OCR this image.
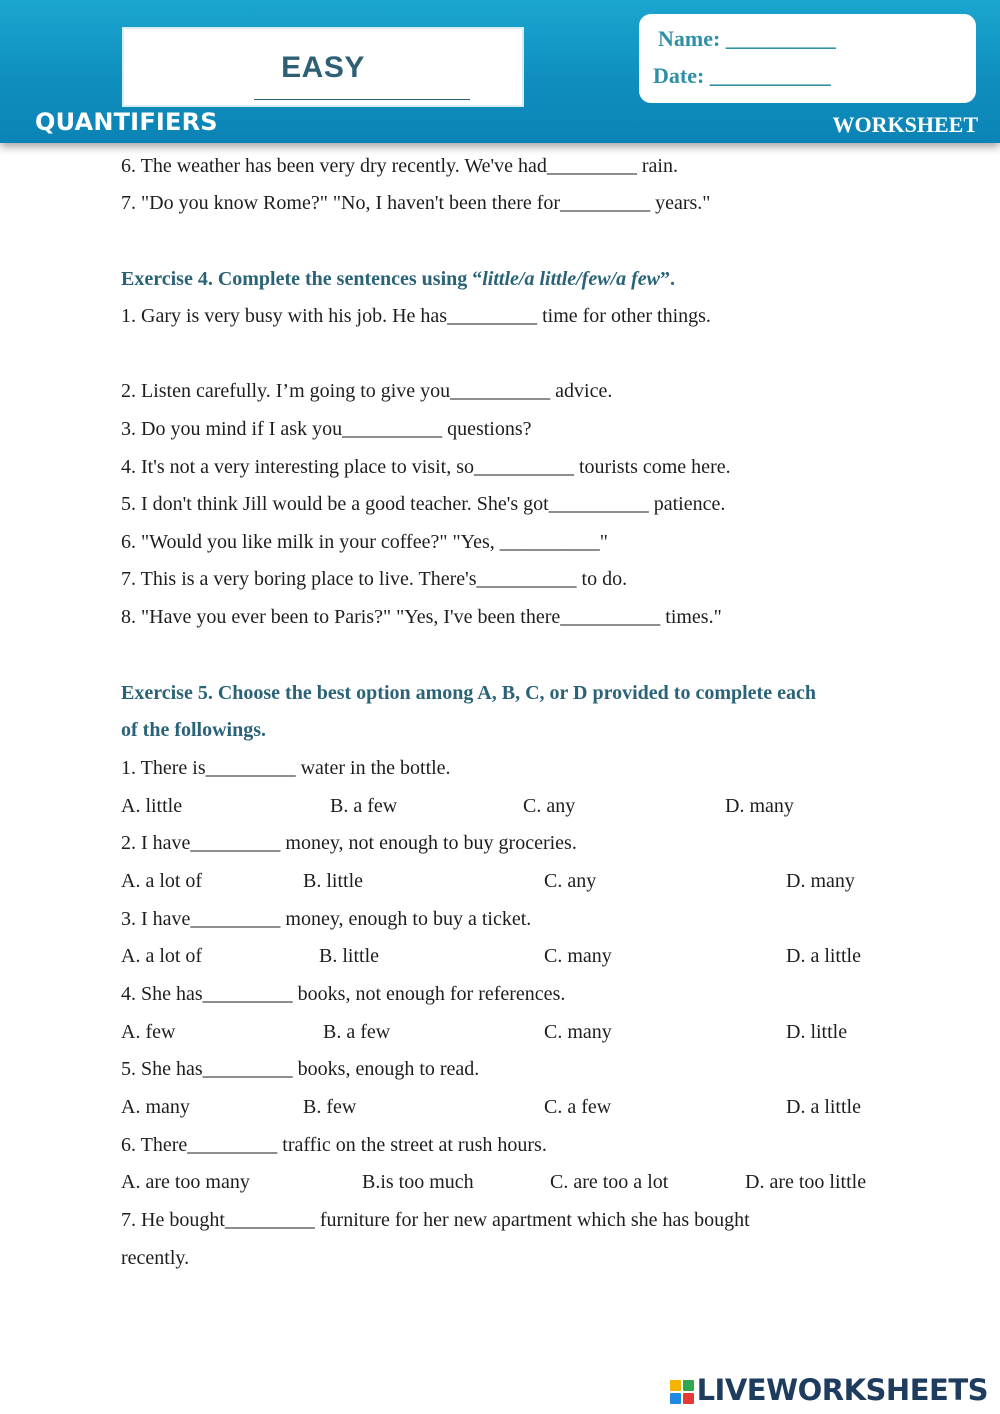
EASY
Name: __________
Date: ___________
QUANTIFIERS	WORKSHEET
6. The weather has been very dry recently. We've had_________ rain.
7. "Do you know Rome?" "No, I haven't been there for_________ years."
Exercise 4. Complete the sentences using “little/a little/few/a few”.
1. Gary is very busy with his job. He has_________ time for other things.
2. Listen carefully. I’m going to give you__________ advice.
3. Do you mind if I ask you__________ questions?
4. It's not a very interesting place to visit, so__________ tourists come here.
5. I don't think Jill would be a good teacher. She's got__________ patience.
6. "Would you like milk in your coffee?" "Yes, __________"
7. This is a very boring place to live. There's__________ to do.
8. "Have you ever been to Paris?" "Yes, I've been there__________ times."
Exercise 5. Choose the best option among A, B, C, or D provided to complete each
of the followings.
1. There is_________ water in the bottle.
A. little	B. a few	C. any	D. many
2. I have_________ money, not enough to buy groceries.
A. a lot of	B. little	C. any	D. many
3. I have_________ money, enough to buy a ticket.
A. a lot of	B. little	C. many	D. a little
4. She has_________ books, not enough for references.
A. few	B. a few	C. many	D. little
5. She has_________ books, enough to read.
A. many	B. few	C. a few	D. a little
6. There_________ traffic on the street at rush hours.
A. are too many	B.is too much	C. are too a lot	D. are too little
7. He bought_________ furniture for her new apartment which she has bought
recently.
LIVEWORKSHEETS
